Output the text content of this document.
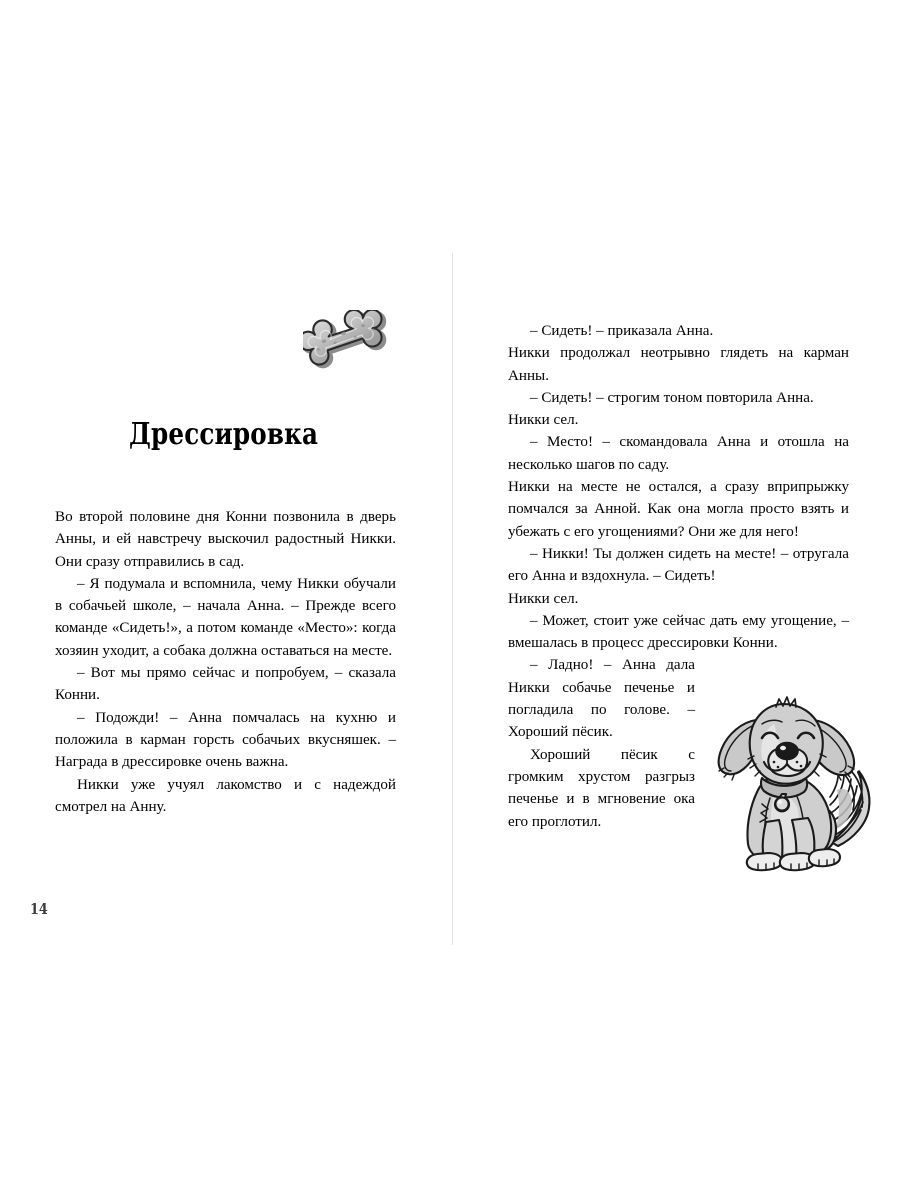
Дрессировка

Во второй половине дня Конни позвонила в дверь Анны, и ей навстречу выскочил радостный Никки. Они сразу отправились в сад.

– Я подумала и вспомнила, чему Никки обучали в собачьей школе, – начала Анна. – Прежде всего команде «Сидеть!», а потом команде «Место»: когда хозяин уходит, а собака должна оставаться на месте.

– Вот мы прямо сейчас и попробуем, – сказала Конни.

– Подожди! – Анна помчалась на кухню и положила в карман горсть собачьих вкусняшек. – Награда в дрессировке очень важна.

Никки уже учуял лакомство и с надеждой смотрел на Анну.

14

– Сидеть! – приказала Анна.

Никки продолжал неотрывно глядеть на карман Анны.

– Сидеть! – строгим тоном повторила Анна.

Никки сел.

– Место! – скомандовала Анна и отошла на несколько шагов по саду.

Никки на месте не остался, а сразу вприпрыжку помчался за Анной. Как она могла просто взять и убежать с его угощениями? Они же для него!

– Никки! Ты должен сидеть на месте! – отругала его Анна и вздохнула. – Сидеть!

Никки сел.

– Может, стоит уже сейчас дать ему угощение, – вмешалась в процесс дрессировки Конни.

– Ладно! – Анна дала Никки собачье печенье и погладила по голове. – Хороший пёсик.

Хороший пёсик с громким хрустом разгрыз печенье и в мгновение ока его проглотил.
